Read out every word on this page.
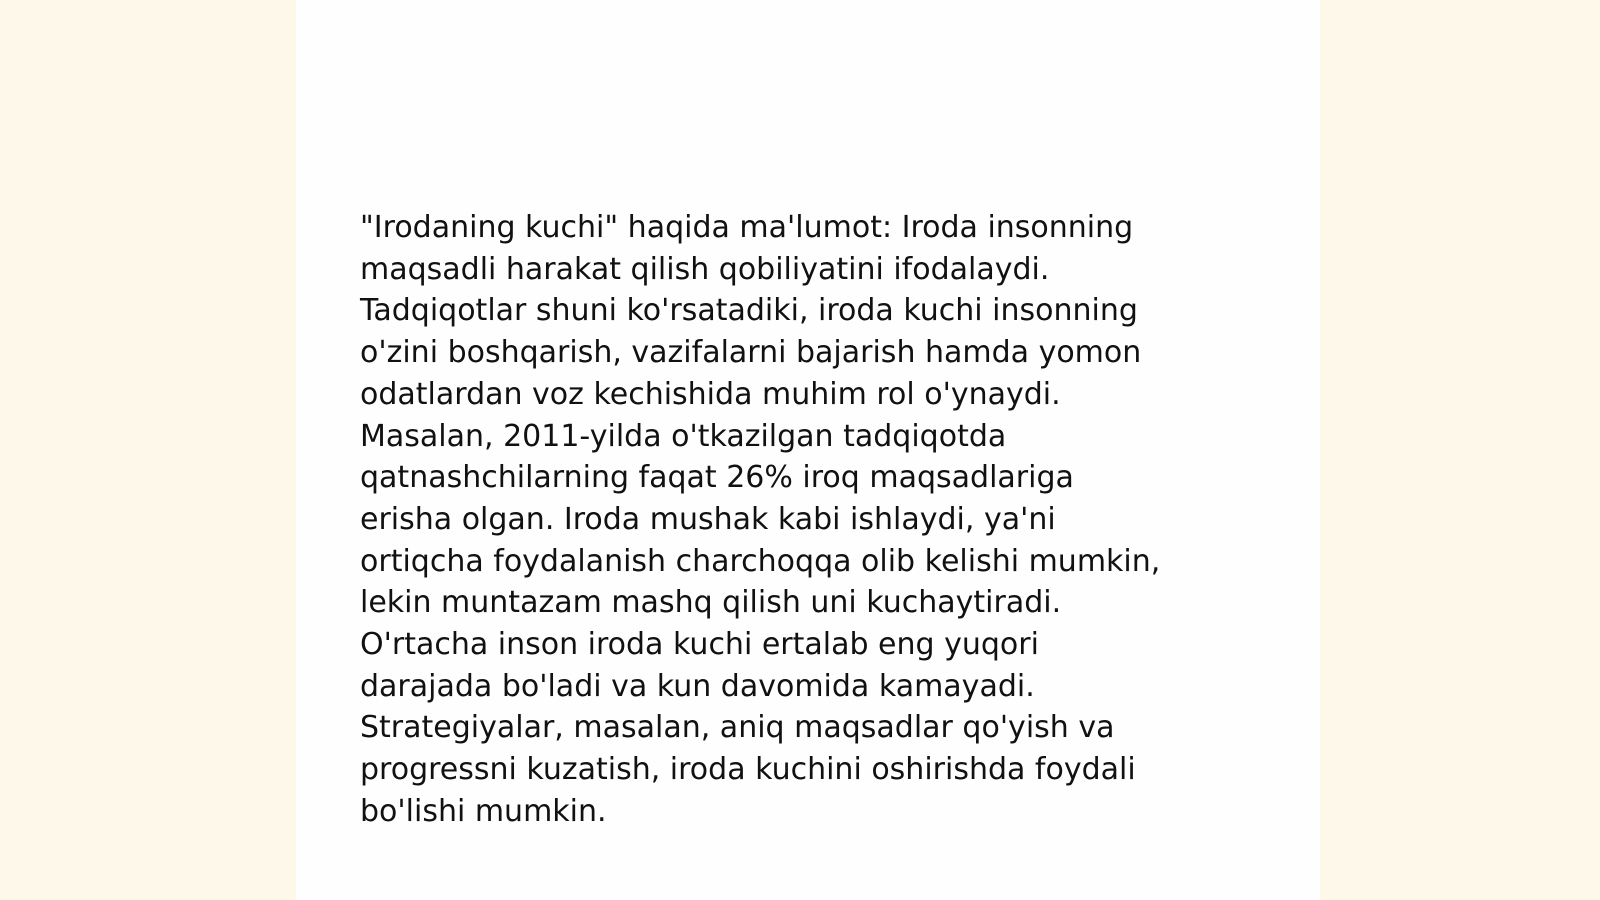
"Irodaning kuchi" haqida ma'lumot: Iroda insonning
maqsadli harakat qilish qobiliyatini ifodalaydi.
Tadqiqotlar shuni ko'rsatadiki, iroda kuchi insonning
o'zini boshqarish, vazifalarni bajarish hamda yomon
odatlardan voz kechishida muhim rol o'ynaydi.
Masalan, 2011-yilda o'tkazilgan tadqiqotda
qatnashchilarning faqat 26% iroq maqsadlariga
erisha olgan. Iroda mushak kabi ishlaydi, ya'ni
ortiqcha foydalanish charchoqqa olib kelishi mumkin,
lekin muntazam mashq qilish uni kuchaytiradi.
O'rtacha inson iroda kuchi ertalab eng yuqori
darajada bo'ladi va kun davomida kamayadi.
Strategiyalar, masalan, aniq maqsadlar qo'yish va
progressni kuzatish, iroda kuchini oshirishda foydali
bo'lishi mumkin.
